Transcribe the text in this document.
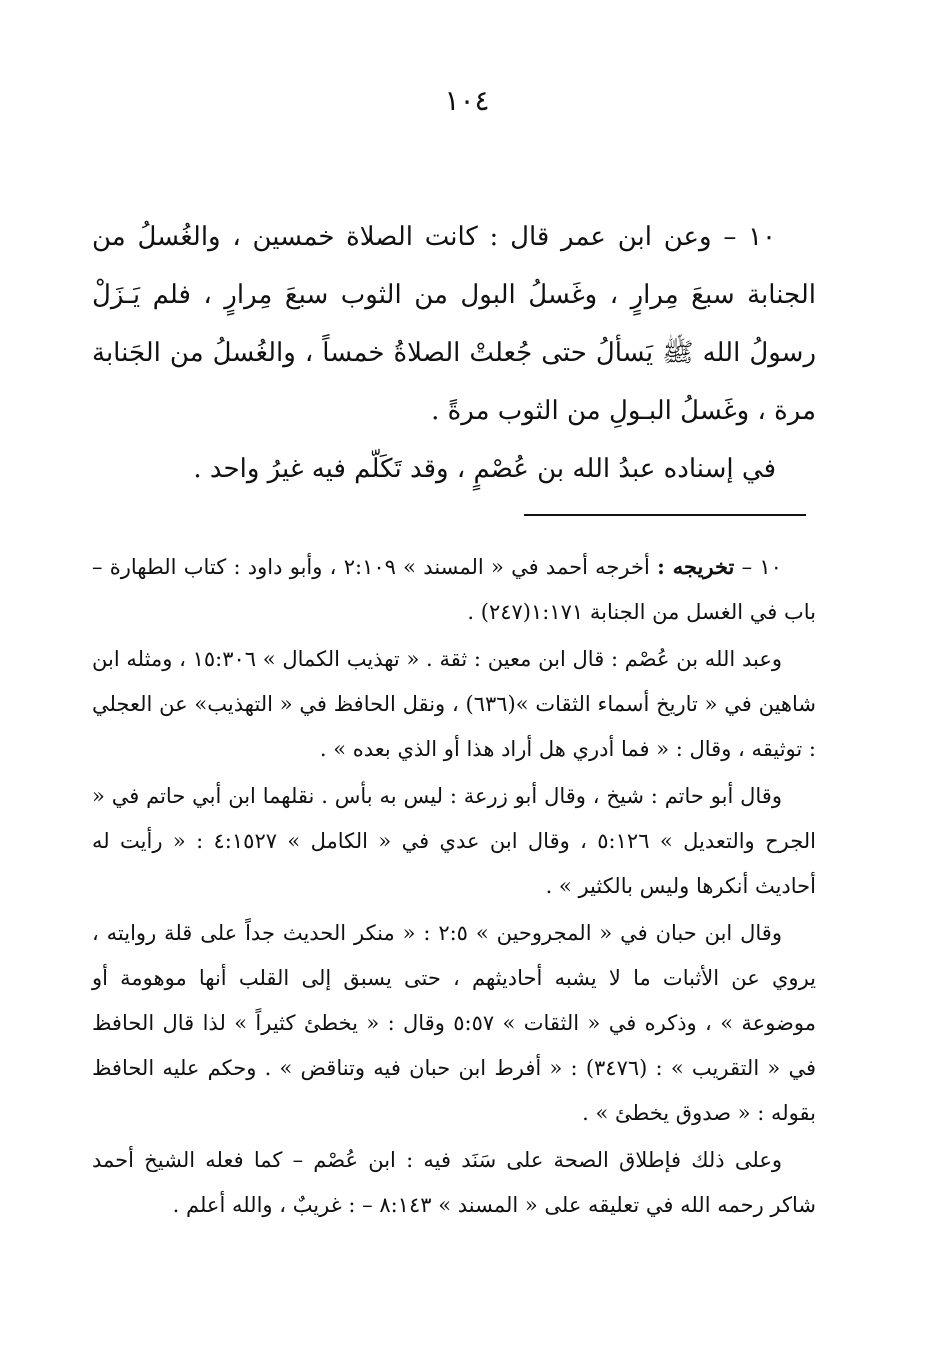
١٠٤

١٠ – وعن ابن عمر قال : كانت الصلاة خمسين ، والغُسلُ من الجنابة سبعَ مِرارٍ ، وغَسلُ البول من الثوب سبعَ مِرارٍ ، فلم يَـزَلْ رسولُ الله ﷺ يَسألُ حتى جُعلتْ الصلاةُ خمساً ، والغُسلُ من الجَنابة مرة ، وغَسلُ البـولِ من الثوب مرةً .

في إسناده عبدُ الله بن عُصْمٍ ، وقد تَكَلّم فيه غيرُ واحد .

١٠ – تخريجه : أخرجه أحمد في « المسند » ٢:١٠٩ ، وأبو داود : كتاب الطهارة – باب في الغسل من الجنابة ١:١٧١(٢٤٧) .

وعبد الله بن عُصْم : قال ابن معين : ثقة . « تهذيب الكمال » ١٥:٣٠٦ ، ومثله ابن شاهين في « تاريخ أسماء الثقات »(٦٣٦) ، ونقل الحافظ في « التهذيب» عن العجلي : توثيقه ، وقال : « فما أدري هل أراد هذا أو الذي بعده » .

وقال أبو حاتم : شيخ ، وقال أبو زرعة : ليس به بأس . نقلهما ابن أبي حاتم في « الجرح والتعديل » ٥:١٢٦ ، وقال ابن عدي في « الكامل » ٤:١٥٢٧ : « رأيت له أحاديث أنكرها وليس بالكثير » .

وقال ابن حبان في « المجروحين » ٢:٥ : « منكر الحديث جداً على قلة روايته ، يروي عن الأثبات ما لا يشبه أحاديثهم ، حتى يسبق إلى القلب أنها موهومة أو موضوعة » ، وذكره في « الثقات » ٥:٥٧ وقال : « يخطئ كثيراً » لذا قال الحافظ في « التقريب » : (٣٤٧٦) : « أفرط ابن حبان فيه وتناقض » . وحكم عليه الحافظ بقوله : « صدوق يخطئ » .

وعلى ذلك فإطلاق الصحة على سَنَد فيه : ابن عُصْم – كما فعله الشيخ أحمد شاكر رحمه الله في تعليقه على « المسند » ٨:١٤٣ – : غريبٌ ، والله أعلم .
